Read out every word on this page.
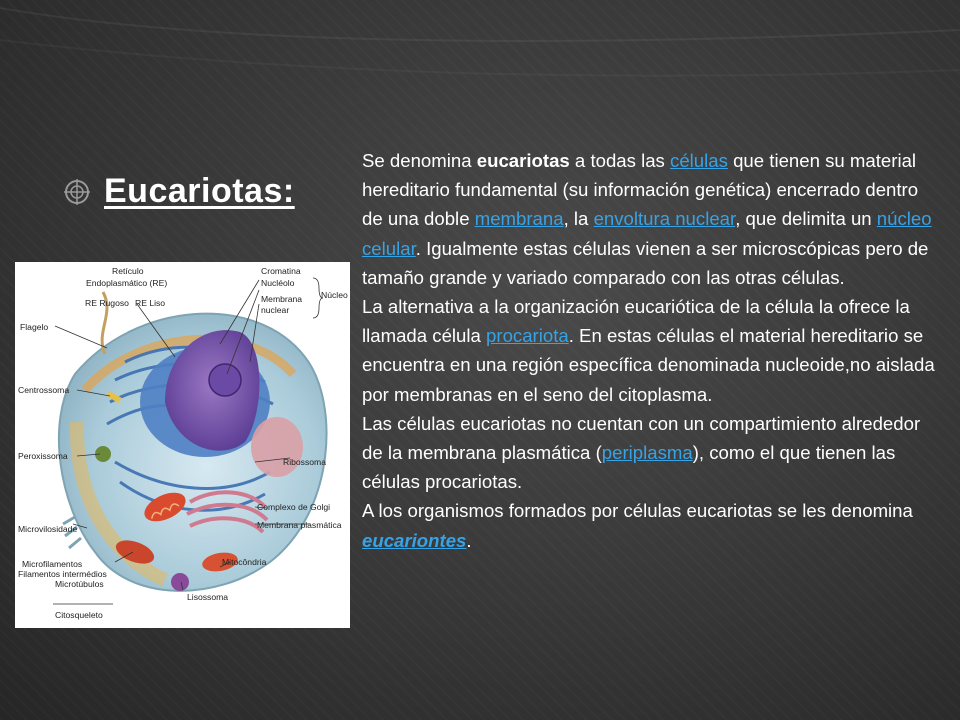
Eucariotas:
Retículo
Endoplasmático (RE)
RE Rugoso RE Liso
Flagelo
Centrossoma
Peroxissoma
Microvilosidade
Microfilamentos
Filamentos intermédios
Microtúbulos
Citosqueleto
Cromatina
Nucléolo
Membrana
nuclear
Núcleo
Ribossoma
Complexo de Golgi
Membrana plasmática
Mitocôndria
Lisossoma

Se denomina eucariotas a todas las células que tienen su material hereditario fundamental (su información genética) encerrado dentro de una doble membrana, la envoltura nuclear, que delimita un núcleo celular. Igualmente estas células vienen a ser microscópicas pero de tamaño grande y variado comparado con las otras células.

La alternativa a la organización eucariótica de la célula la ofrece la llamada célula procariota. En estas células el material hereditario se encuentra en una región específica denominada nucleoide,no aislada por membranas en el seno del citoplasma.

Las células eucariotas no cuentan con un compartimiento alrededor de la membrana plasmática (periplasma), como el que tienen las células procariotas.

A los organismos formados por células eucariotas se les denomina eucariontes.
